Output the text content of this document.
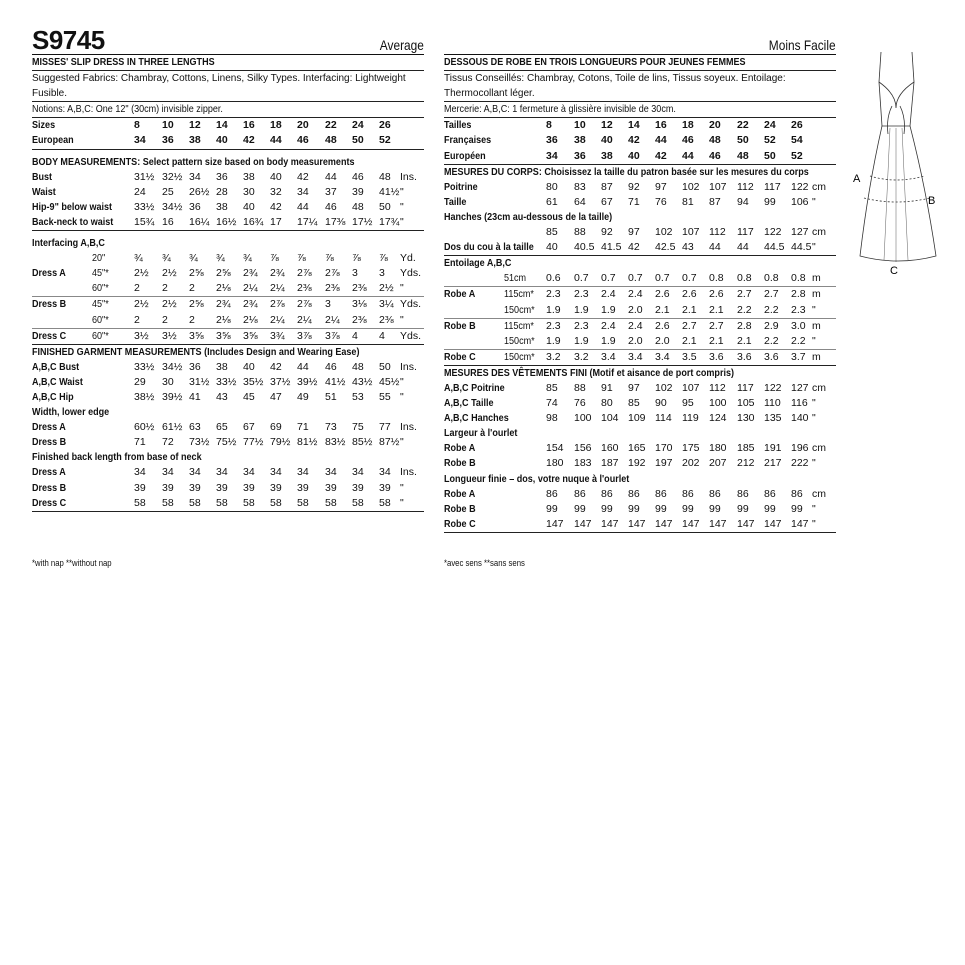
S9745	Average
MISSES' SLIP DRESS IN THREE LENGTHS
Suggested Fabrics: Chambray, Cottons, Linens, Silky Types. Interfacing: Lightweight Fusible.
Notions: A,B,C: One 12" (30cm) invisible zipper.
Sizes	8 10 12 14 16 18 20 22 24 26
European	34 36 38 40 42 44 46 48 50 52
BODY MEASUREMENTS: Select pattern size based on body measurements
Bust	31½ 32½ 34 36 38 40 42 44 46 48 Ins.
Waist	24 25 26½ 28 30 32 34 37 39 41½ "
Hip-9" below waist 33½ 34½ 36 38 40 42 44 46 48 50 "
Back-neck to waist 15¾ 16 16¼ 16½ 16¾ 17 17¼ 17⅜ 17½ 17¾ "
Interfacing A,B,C
20"	¾ ¾ ¾ ¾ ¾ ⅞ ⅞ ⅞ ⅞ ⅞ Yd.
Dress A 45"* 2½ 2½ 2⅝ 2⅝ 2¾ 2¾ 2⅞ 2⅞ 3 3 Yds.
60"* 2 2 2 2⅛ 2¼ 2¼ 2⅜ 2⅜ 2⅜ 2½ "
Dress B 45"* 2½ 2½ 2⅝ 2¾ 2¾ 2⅞ 2⅞ 3 3⅛ 3¼ Yds.
60"* 2 2 2 2⅛ 2⅛ 2¼ 2¼ 2¼ 2⅜ 2⅜ "
Dress C 60"* 3½ 3½ 3⅝ 3⅝ 3⅝ 3¾ 3⅞ 3⅞ 4 4 Yds.
FINISHED GARMENT MEASUREMENTS (Includes Design and Wearing Ease)
A,B,C Bust	33½ 34½ 36 38 40 42 44 46 48 50 Ins.
A,B,C Waist	29 30 31½ 33½ 35½ 37½ 39½ 41½ 43½ 45½ "
A,B,C Hip	38½ 39½ 41 43 45 47 49 51 53 55 "
Width, lower edge
Dress A	60½ 61½ 63 65 67 69 71 73 75 77 Ins.
Dress B	71 72 73½ 75½ 77½ 79½ 81½ 83½ 85½ 87½ "
Finished back length from base of neck
Dress A	34 34 34 34 34 34 34 34 34 34 Ins.
Dress B	39 39 39 39 39 39 39 39 39 39 "
Dress C	58 58 58 58 58 58 58 58 58 58 "
*with nap **without nap
Moins Facile
DESSOUS DE ROBE EN TROIS LONGUEURS POUR JEUNES FEMMES
Tissus Conseillés: Chambray, Cotons, Toile de lins, Tissus soyeux. Entoilage: Thermocollant léger.
Mercerie: A,B,C: 1 fermeture à glissière invisible de 30cm.
Tailles	8 10 12 14 16 18 20 22 24 26
Françaises	36 38 40 42 44 46 48 50 52 54
Européen	34 36 38 40 42 44 46 48 50 52
MESURES DU CORPS: Choisissez la taille du patron basée sur les mesures du corps
Poitrine	80 83 87 92 97 102 107 112 117 122 cm
Taille	61 64 67 71 76 81 87 94 99 106 "
Hanches (23cm au-dessous de la taille)
85 88 92 97 102 107 112 117 122 127 cm
Dos du cou à la taille 40 40.5 41.5 42 42.5 43 44 44 44.5 44.5 "
Entoilage A,B,C
51cm 0.6 0.7 0.7 0.7 0.7 0.7 0.8 0.8 0.8 0.8 m
Robe A	115cm* 2.3 2.3 2.4 2.4 2.6 2.6 2.6 2.7 2.7 2.8 m
150cm* 1.9 1.9 1.9 2.0 2.1 2.1 2.1 2.2 2.2 2.3 "
Robe B	115cm* 2.3 2.3 2.4 2.4 2.6 2.7 2.7 2.8 2.9 3.0 m
150cm* 1.9 1.9 1.9 2.0 2.0 2.1 2.1 2.1 2.2 2.2 "
Robe C	150cm* 3.2 3.2 3.4 3.4 3.4 3.5 3.6 3.6 3.6 3.7 m
MESURES DES VÊTEMENTS FINI (Motif et aisance de port compris)
A,B,C Poitrine	85 88 91 97 102 107 112 117 122 127 cm
A,B,C Taille	74 76 80 85 90 95 100 105 110 116 "
A,B,C Hanches	98 100 104 109 114 119 124 130 135 140 "
Largeur à l'ourlet
Robe A	154 156 160 165 170 175 180 185 191 196 cm
Robe B	180 183 187 192 197 202 207 212 217 222 "
Longueur finie – dos, votre nuque à l'ourlet
Robe A	86 86 86 86 86 86 86 86 86 86 cm
Robe B	99 99 99 99 99 99 99 99 99 99 "
Robe C	147 147 147 147 147 147 147 147 147 147 "
*avec sens **sans sens
A
B
C
